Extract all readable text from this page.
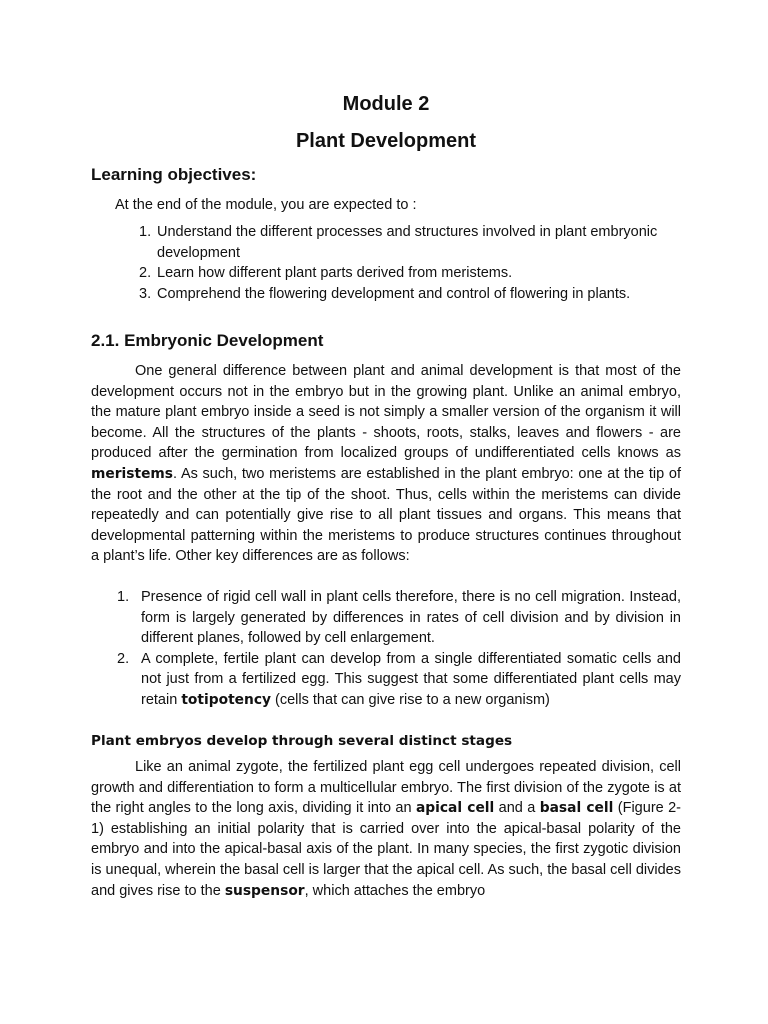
Module 2
Plant Development
Learning objectives:

At the end of the module, you are expected to :

1. Understand the different processes and structures involved in plant embryonic development
2. Learn how different plant parts derived from meristems.
3. Comprehend the flowering development and control of flowering in plants.
2.1. Embryonic Development

One general difference between plant and animal development is that most of the development occurs not in the embryo but in the growing plant. Unlike an animal embryo, the mature plant embryo inside a seed is not simply a smaller version of the organism it will become. All the structures of the plants - shoots, roots, stalks, leaves and flowers - are produced after the germination from localized groups of undifferentiated cells knows as meristems. As such, two meristems are established in the plant embryo: one at the tip of the root and the other at the tip of the shoot. Thus, cells within the meristems can divide repeatedly and can potentially give rise to all plant tissues and organs. This means that developmental patterning within the meristems to produce structures continues throughout a plant’s life. Other key differences are as follows:

1. Presence of rigid cell wall in plant cells therefore, there is no cell migration. Instead, form is largely generated by differences in rates of cell division and by division in different planes, followed by cell enlargement.
2. A complete, fertile plant can develop from a single differentiated somatic cells and not just from a fertilized egg. This suggest that some differentiated plant cells may retain totipotency (cells that can give rise to a new organism)
Plant embryos develop through several distinct stages

Like an animal zygote, the fertilized plant egg cell undergoes repeated division, cell growth and differentiation to form a multicellular embryo. The first division of the zygote is at the right angles to the long axis, dividing it into an apical cell and a basal cell (Figure 2-1) establishing an initial polarity that is carried over into the apical-basal polarity of the embryo and into the apical-basal axis of the plant. In many species, the first zygotic division is unequal, wherein the basal cell is larger that the apical cell. As such, the basal cell divides and gives rise to the suspensor, which attaches the embryo
